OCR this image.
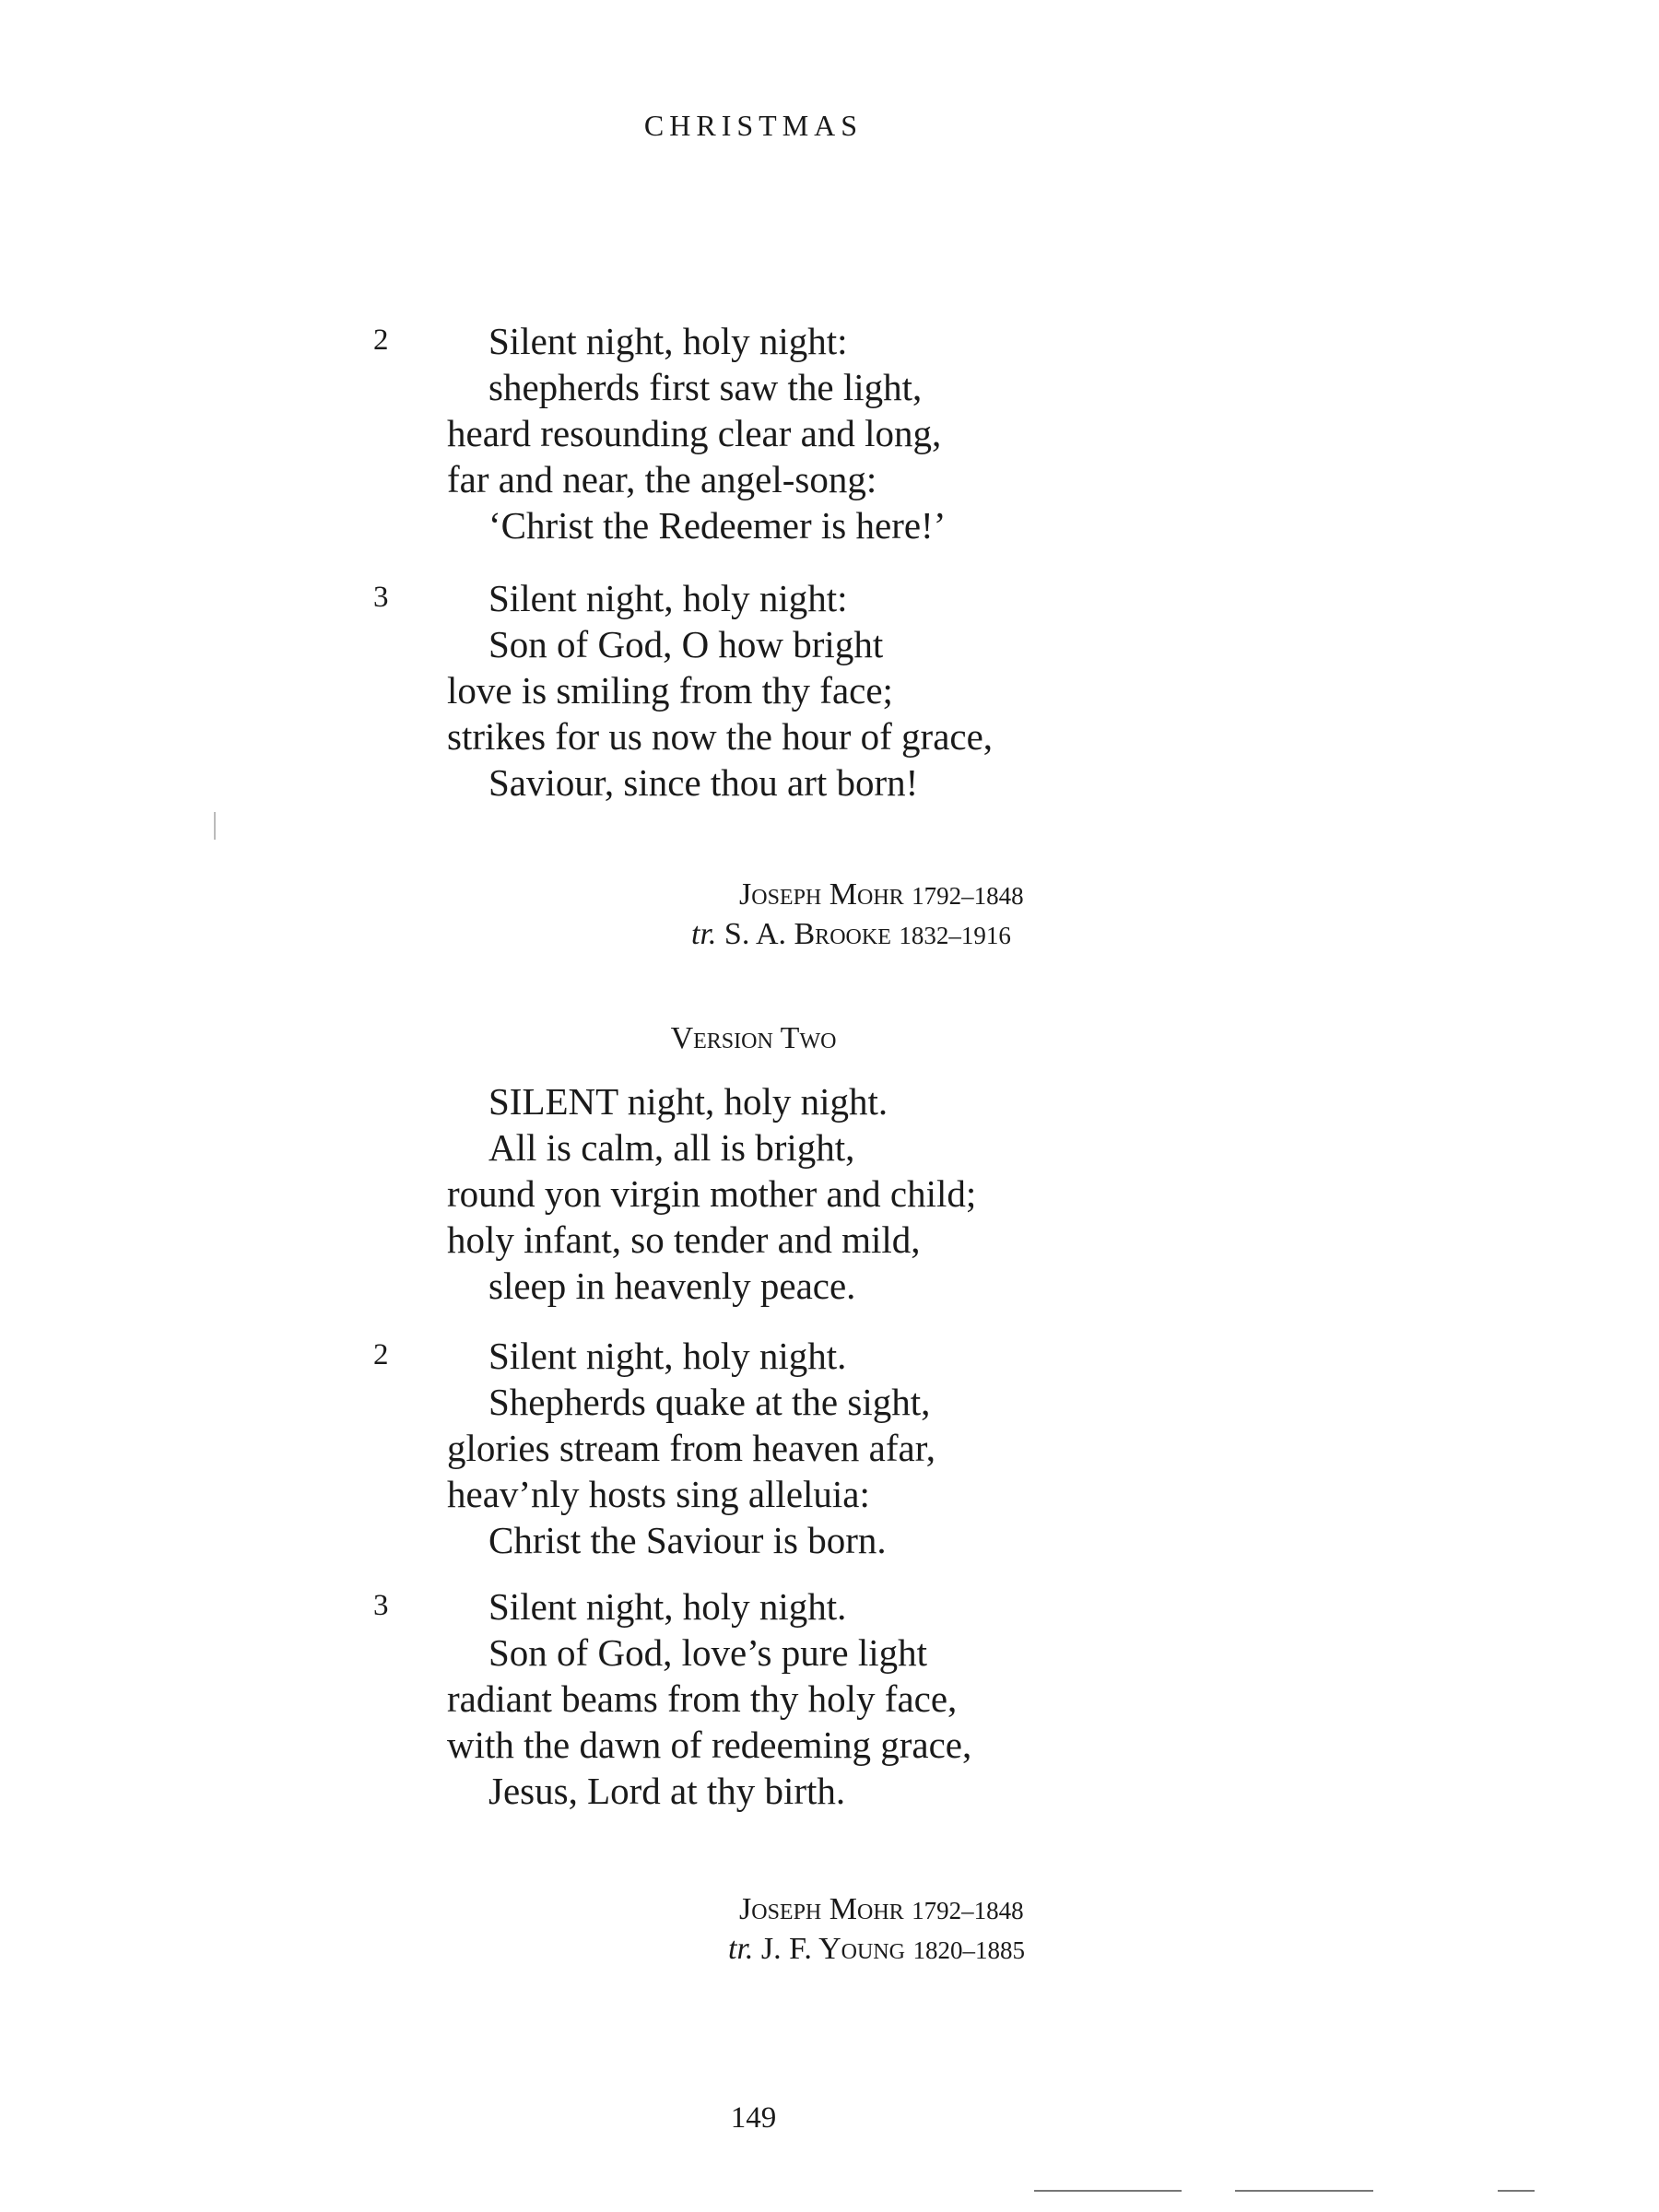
CHRISTMAS
2	Silent night, holy night:
shepherds first saw the light,
heard resounding clear and long,
far and near, the angel-song:
‘Christ the Redeemer is here!’
3	Silent night, holy night:
Son of God, O how bright
love is smiling from thy face;
strikes for us now the hour of grace,
Saviour, since thou art born!
Joseph Mohr 1792–1848
tr. S. A. Brooke 1832–1916
Version Two
SILENT night, holy night.
All is calm, all is bright,
round yon virgin mother and child;
holy infant, so tender and mild,
sleep in heavenly peace.
2	Silent night, holy night.
Shepherds quake at the sight,
glories stream from heaven afar,
heav’nly hosts sing alleluia:
Christ the Saviour is born.
3	Silent night, holy night.
Son of God, love’s pure light
radiant beams from thy holy face,
with the dawn of redeeming grace,
Jesus, Lord at thy birth.
Joseph Mohr 1792–1848
tr. J. F. Young 1820–1885
149
